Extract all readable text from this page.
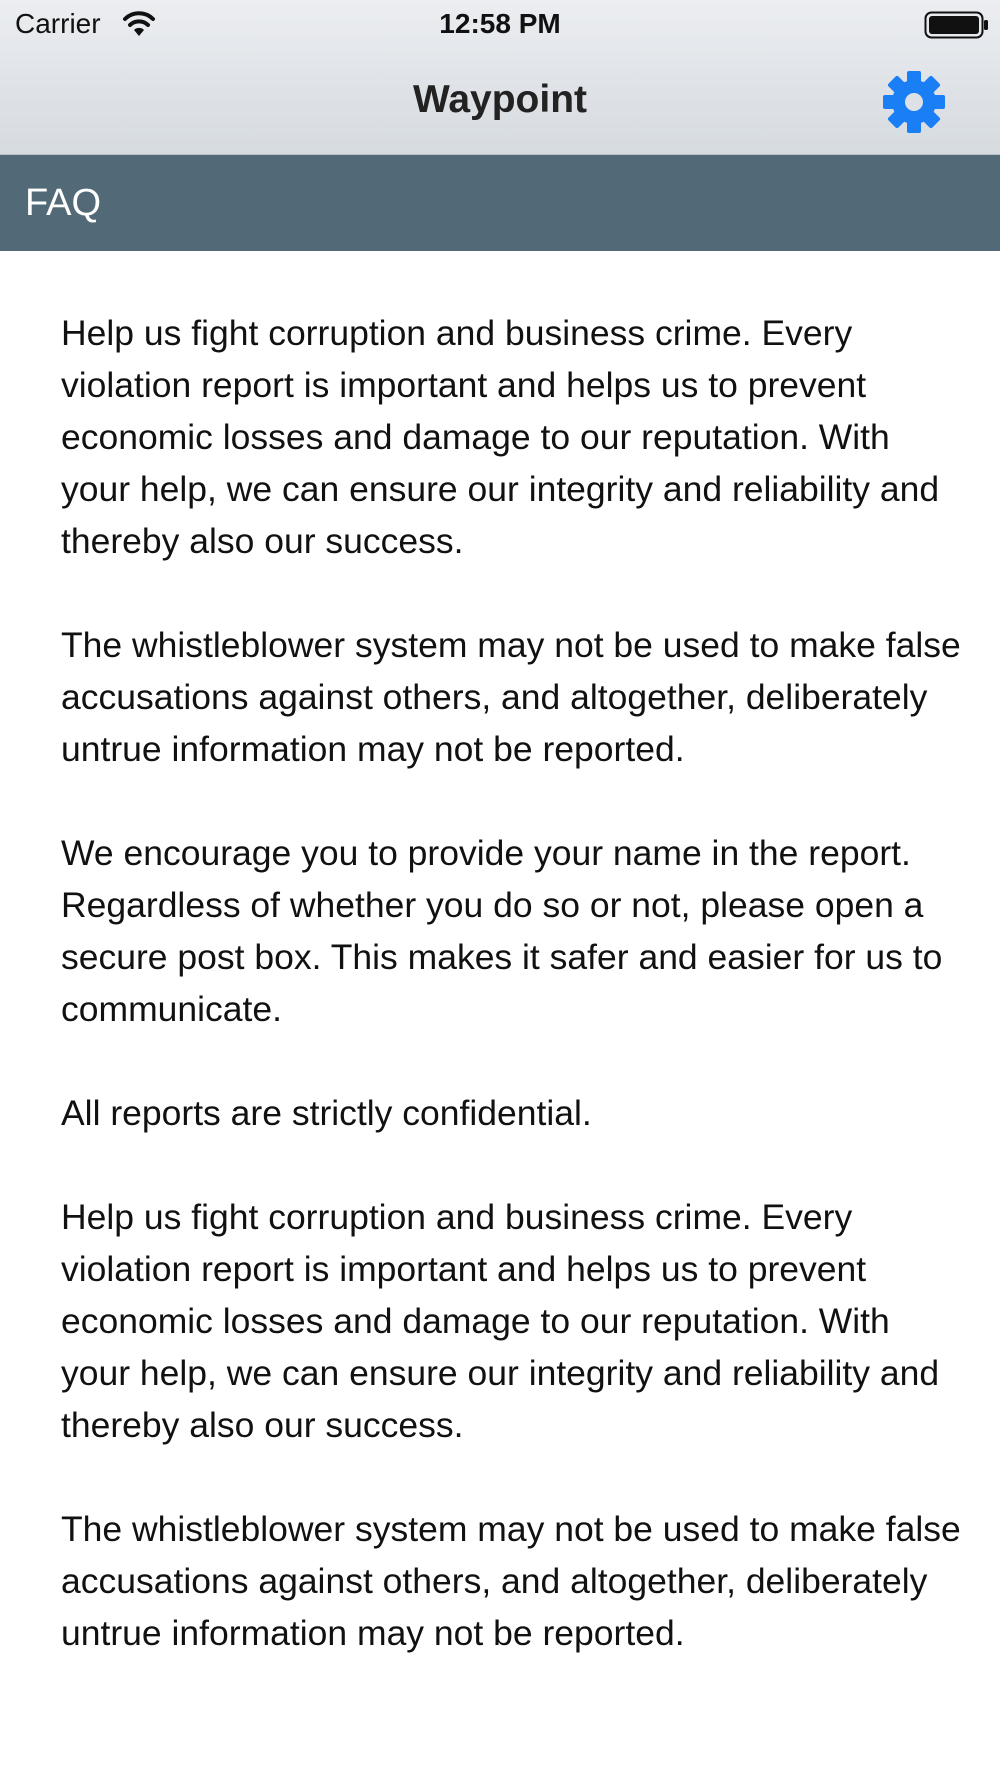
Carrier	12:58 PM
Waypoint
FAQ

Help us fight corruption and business crime. Every violation report is important and helps us to prevent economic losses and damage to our reputation. With your help, we can ensure our integrity and reliability and thereby also our success.

The whistleblower system may not be used to make false accusations against others, and altogether, deliberately untrue information may not be reported.

We encourage you to provide your name in the report. Regardless of whether you do so or not, please open a secure post box. This makes it safer and easier for us to communicate.

All reports are strictly confidential.

Help us fight corruption and business crime. Every violation report is important and helps us to prevent economic losses and damage to our reputation. With your help, we can ensure our integrity and reliability and thereby also our success.

The whistleblower system may not be used to make false accusations against others, and altogether, deliberately untrue information may not be reported.
